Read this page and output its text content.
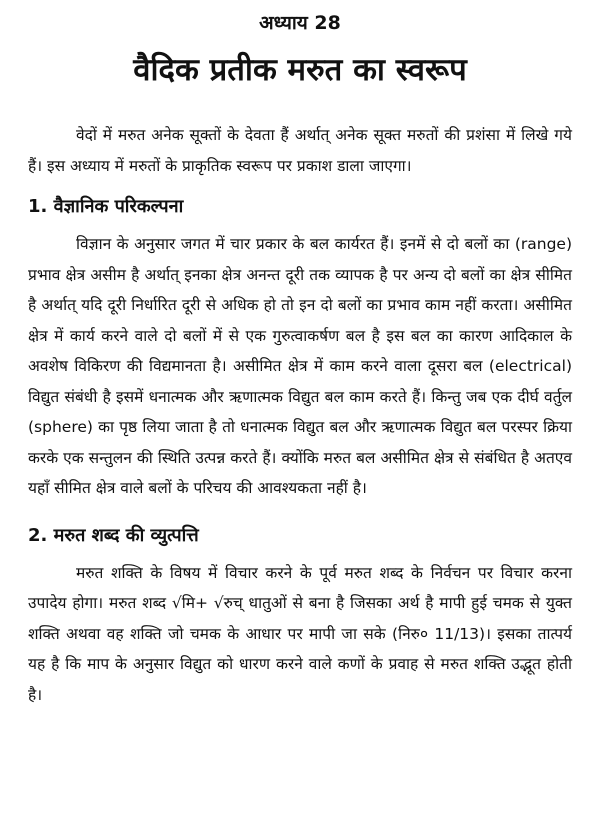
अध्याय 28
वैदिक प्रतीक मरुत का स्वरूप

वेदों में मरुत अनेक सूक्तों के देवता हैं अर्थात् अनेक सूक्त मरुतों की प्रशंसा में लिखे गये हैं। इस अध्याय में मरुतों के प्राकृतिक स्वरूप पर प्रकाश डाला जाएगा।

1. वैज्ञानिक परिकल्पना

विज्ञान के अनुसार जगत में चार प्रकार के बल कार्यरत हैं। इनमें से दो बलों का (range) प्रभाव क्षेत्र असीम है अर्थात् इनका क्षेत्र अनन्त दूरी तक व्यापक है पर अन्य दो बलों का क्षेत्र सीमित है अर्थात् यदि दूरी निर्धारित दूरी से अधिक हो तो इन दो बलों का प्रभाव काम नहीं करता। असीमित क्षेत्र में कार्य करने वाले दो बलों में से एक गुरुत्वाकर्षण बल है इस बल का कारण आदिकाल के अवशेष विकिरण की विद्यमानता है। असीमित क्षेत्र में काम करने वाला दूसरा बल (electrical) विद्युत संबंधी है इसमें धनात्मक और ऋणात्मक विद्युत बल काम करते हैं। किन्तु जब एक दीर्घ वर्तुल (sphere) का पृष्ठ लिया जाता है तो धनात्मक विद्युत बल और ऋणात्मक विद्युत बल परस्पर क्रिया करके एक सन्तुलन की स्थिति उत्पन्न करते हैं। क्योंकि मरुत बल असीमित क्षेत्र से संबंधित है अतएव यहाँ सीमित क्षेत्र वाले बलों के परिचय की आवश्यकता नहीं है।

2. मरुत शब्द की व्युत्पत्ति

मरुत शक्ति के विषय में विचार करने के पूर्व मरुत शब्द के निर्वचन पर विचार करना उपादेय होगा। मरुत शब्द √मि+ √रुच् धातुओं से बना है जिसका अर्थ है मापी हुई चमक से युक्त शक्ति अथवा वह शक्ति जो चमक के आधार पर मापी जा सके (निरु० 11/13)। इसका तात्पर्य यह है कि माप के अनुसार विद्युत को धारण करने वाले कणों के प्रवाह से मरुत शक्ति उद्भूत होती है।
